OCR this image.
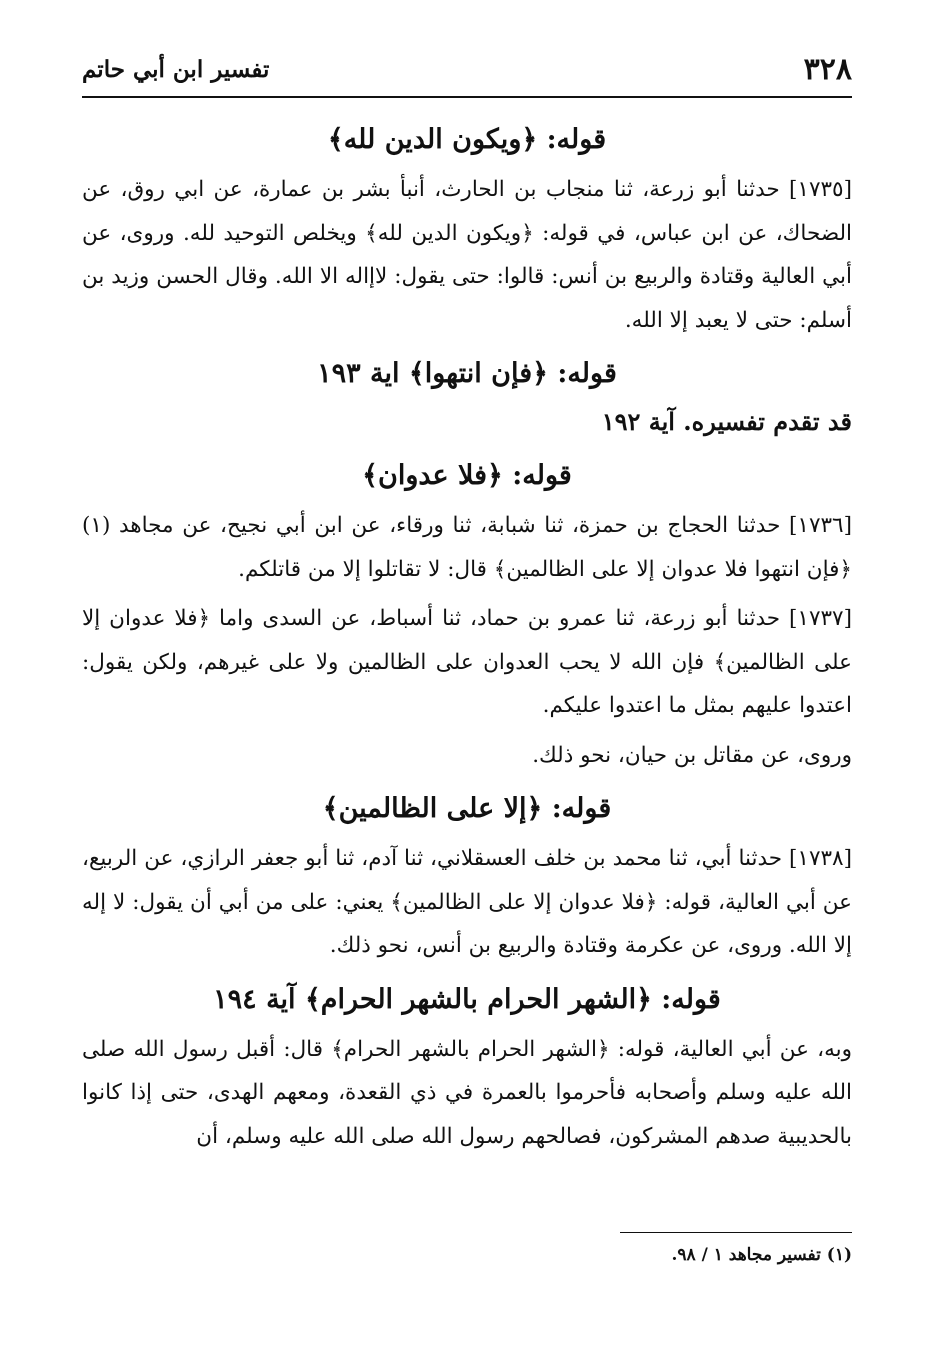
٣٢٨
تفسير ابن أبي حاتم
قوله: ﴿ويكون الدين لله﴾

[١٧٣٥] حدثنا أبو زرعة، ثنا منجاب بن الحارث، أنبأ بشر بن عمارة، عن ابي روق، عن الضحاك، عن ابن عباس، في قوله: ﴿ويكون الدين لله﴾ ويخلص التوحيد لله. وروى، عن أبي العالية وقتادة والربيع بن أنس: قالوا: حتى يقول: لاإاله الا الله. وقال الحسن وزيد بن أسلم: حتى لا يعبد إلا الله.

قوله: ﴿فإن انتهوا﴾ اية ١٩٣
قد تقدم تفسيره. آية ١٩٢
قوله: ﴿فلا عدوان﴾

[١٧٣٦] حدثنا الحجاج بن حمزة، ثنا شبابة، ثنا ورقاء، عن ابن أبي نجيح، عن مجاهد (١) ﴿فإن انتهوا فلا عدوان إلا على الظالمين﴾ قال: لا تقاتلوا إلا من قاتلكم.

[١٧٣٧] حدثنا أبو زرعة، ثنا عمرو بن حماد، ثنا أسباط، عن السدى واما ﴿فلا عدوان إلا على الظالمين﴾ فإن الله لا يحب العدوان على الظالمين ولا على غيرهم، ولكن يقول: اعتدوا عليهم بمثل ما اعتدوا عليكم.

وروى، عن مقاتل بن حيان، نحو ذلك.

قوله: ﴿إلا على الظالمين﴾

[١٧٣٨] حدثنا أبي، ثنا محمد بن خلف العسقلاني، ثنا آدم، ثنا أبو جعفر الرازي، عن الربيع، عن أبي العالية، قوله: ﴿فلا عدوان إلا على الظالمين﴾ يعني: على من أبي أن يقول: لا إله إلا الله. وروى، عن عكرمة وقتادة والربيع بن أنس، نحو ذلك.

قوله: ﴿الشهر الحرام بالشهر الحرام﴾ آية ١٩٤

وبه، عن أبي العالية، قوله: ﴿الشهر الحرام بالشهر الحرام﴾ قال: أقبل رسول الله صلى الله عليه وسلم وأصحابه فأحرموا بالعمرة في ذي القعدة، ومعهم الهدى، حتى إذا كانوا بالحديبية صدهم المشركون، فصالحهم رسول الله صلى الله عليه وسلم، أن

(١) تفسير مجاهد ١ / ٩٨.
